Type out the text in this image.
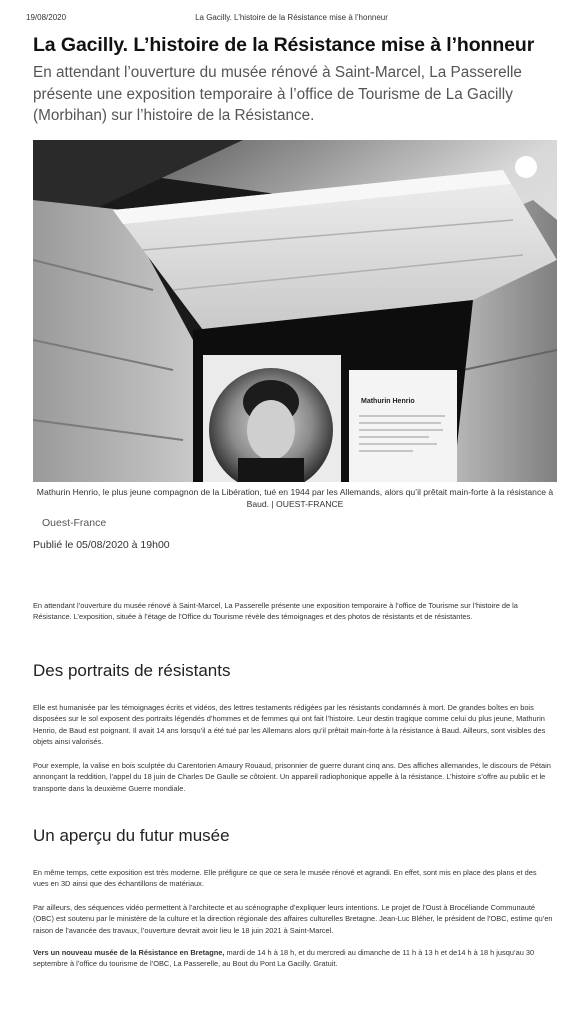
19/08/2020	La Gacilly. L’histoire de la Résistance mise à l’honneur
La Gacilly. L’histoire de la Résistance mise à l’honneur

En attendant l’ouverture du musée rénové à Saint-Marcel, La Passerelle présente une exposition temporaire à l’office de Tourisme de La Gacilly (Morbihan) sur l’histoire de la Résistance.

Mathurin Henrio

Mathurin Henrio, le plus jeune compagnon de la Libération, tué en 1944 par les Allemands, alors qu’il prêtait main-forte à la résistance à Baud. | OUEST-FRANCE

Ouest-France
Publié le 05/08/2020 à 19h00

En attendant l’ouverture du musée rénové à Saint-Marcel, La Passerelle présente une exposition temporaire à l’office de Tourisme sur l’histoire de la Résistance. L’exposition, située à l’étage de l’Office du Tourisme révèle des témoignages et des photos de résistants et de résistantes.

Des portraits de résistants

Elle est humanisée par les témoignages écrits et vidéos, des lettres testaments rédigées par les résistants condamnés à mort. De grandes boîtes en bois disposées sur le sol exposent des portraits légendés d’hommes et de femmes qui ont fait l’histoire. Leur destin tragique comme celui du plus jeune, Mathurin Henrio, de Baud est poignant. Il avait 14 ans lorsqu’il a été tué par les Allemans alors qu’il prêtait main-forte à la résistance à Baud. Ailleurs, sont visibles des objets ainsi valorisés.

Pour exemple, la valise en bois sculptée du Carentorien Amaury Rouaud, prisonnier de guerre durant cinq ans. Des affiches allemandes, le discours de Pétain annonçant la reddition, l’appel du 18 juin de Charles De Gaulle se côtoient. Un appareil radiophonique appelle à la résistance. L’histoire s’offre au public et le transporte dans la deuxième Guerre mondiale.

Un aperçu du futur musée

En même temps, cette exposition est très moderne. Elle préfigure ce que ce sera le musée rénové et agrandi. En effet, sont mis en place des plans et des vues en 3D ainsi que des échantillons de matériaux.

Par ailleurs, des séquences vidéo permettent à l’architecte et au scénographe d’expliquer leurs intentions. Le projet de l’Oust à Brocéliande Communauté (OBC) est soutenu par le ministère de la culture et la direction régionale des affaires culturelles Bretagne. Jean-Luc Bléher, le président de l’OBC, estime qu’en raison de l’avancée des travaux, l’ouverture devrait avoir lieu le 18 juin 2021 à Saint-Marcel.

Vers un nouveau musée de la Résistance en Bretagne, mardi de 14 h à 18 h, et du mercredi au dimanche de 11 h à 13 h et de14 h à 18 h jusqu’au 30 septembre à l’office du tourisme de l’OBC, La Passerelle, au Bout du Pont La Gacilly. Gratuit.
